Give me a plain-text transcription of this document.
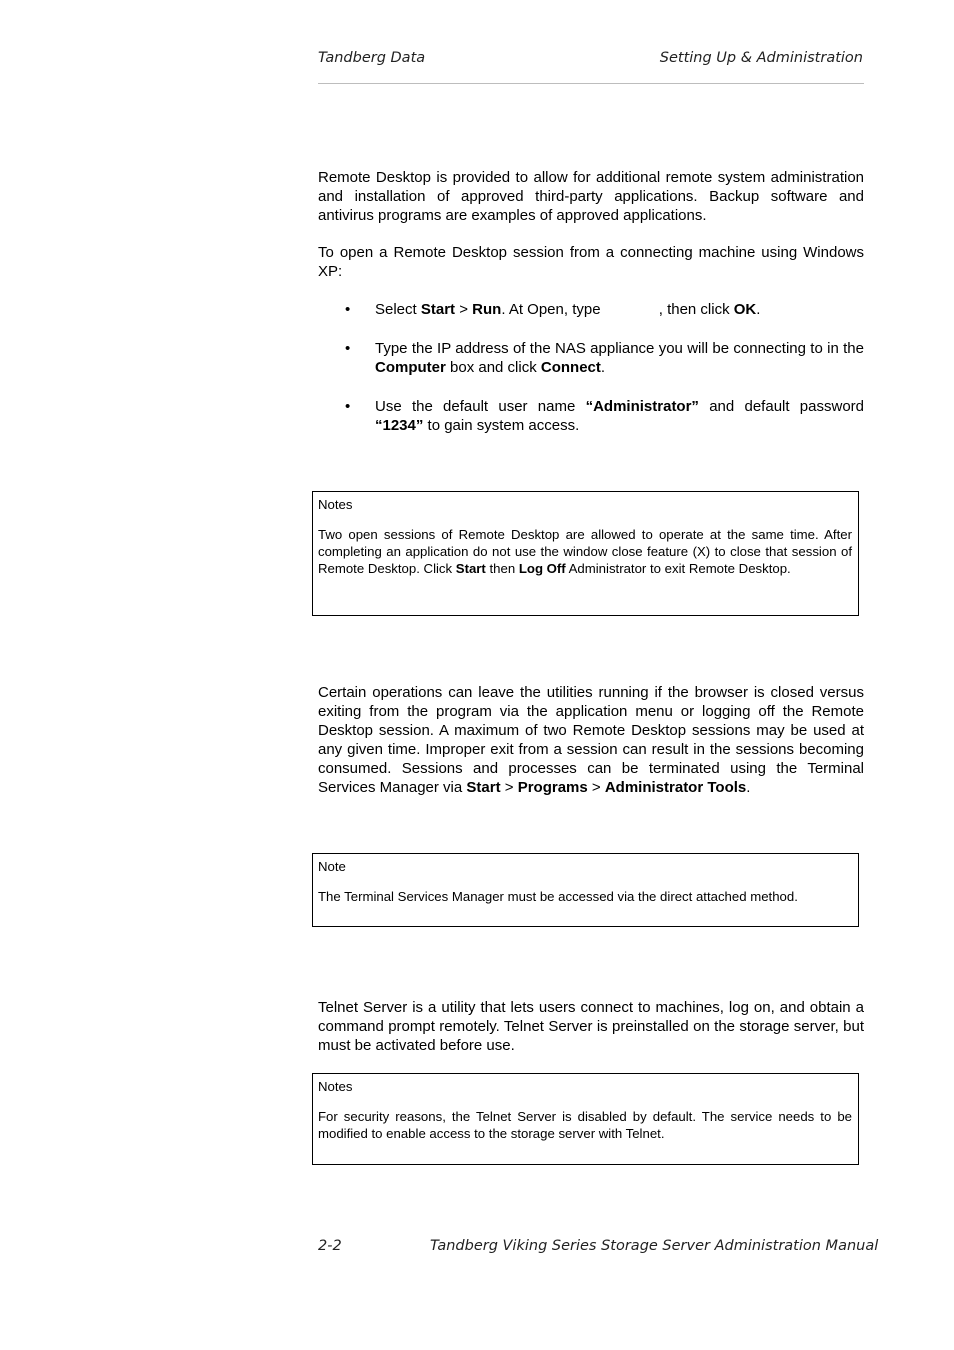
Tandberg Data	Setting Up & Administration

Remote Desktop is provided to allow for additional remote system administration and installation of approved third-party applications. Backup software and antivirus programs are examples of approved applications.

To open a Remote Desktop session from a connecting machine using Windows XP:

•	Select Start > Run. At Open, type	, then click OK.
•	Type the IP address of the NAS appliance you will be connecting to in the Computer box and click Connect.
•	Use the default user name “Administrator” and default password “1234” to gain system access.

Notes

Two open sessions of Remote Desktop are allowed to operate at the same time. After completing an application do not use the window close feature (X) to close that session of Remote Desktop. Click Start then Log Off Administrator to exit Remote Desktop.

Certain operations can leave the utilities running if the browser is closed versus exiting from the program via the application menu or logging off the Remote Desktop session. A maximum of two Remote Desktop sessions may be used at any given time. Improper exit from a session can result in the sessions becoming consumed. Sessions and processes can be terminated using the Terminal Services Manager via Start > Programs > Administrator Tools.

Note

The Terminal Services Manager must be accessed via the direct attached method.

Telnet Server is a utility that lets users connect to machines, log on, and obtain a command prompt remotely. Telnet Server is preinstalled on the storage server, but must be activated before use.

Notes

For security reasons, the Telnet Server is disabled by default. The service needs to be modified to enable access to the storage server with Telnet.

2-2	Tandberg Viking Series Storage Server Administration Manual
